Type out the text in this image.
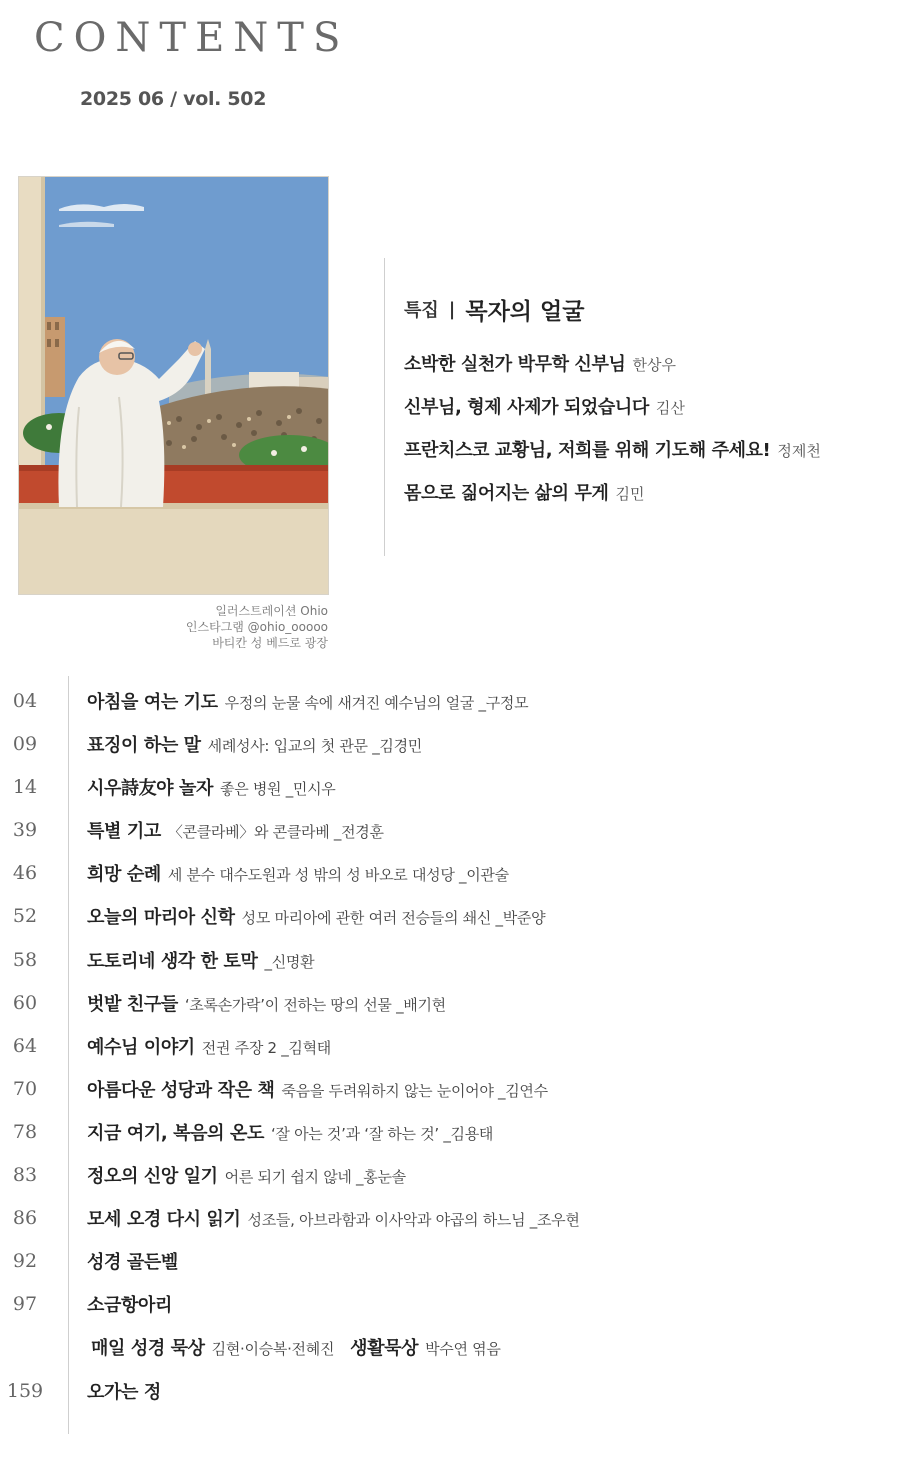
CONTENTS
2025 06 / vol. 502
일러스트레이션 Ohio
인스타그램 @ohio_ooooo
바티칸 성 베드로 광장
특집 | 목자의 얼굴
소박한 실천가 박무학 신부님 한상우
신부님, 형제 사제가 되었습니다 김산
프란치스코 교황님, 저희를 위해 기도해 주세요! 정제천
몸으로 짊어지는 삶의 무게 김민
04	아침을 여는 기도 우정의 눈물 속에 새겨진 예수님의 얼굴 _구정모
09	표징이 하는 말 세례성사: 입교의 첫 관문 _김경민
14	시우詩友야 놀자 좋은 병원 _민시우
39	특별 기고 〈콘클라베〉와 콘클라베 _전경훈
46	희망 순례 세 분수 대수도원과 성 밖의 성 바오로 대성당 _이관술
52	오늘의 마리아 신학 성모 마리아에 관한 여러 전승들의 쇄신 _박준양
58	도토리네 생각 한 토막 _신명환
60	벗밭 친구들 ‘초록손가락’이 전하는 땅의 선물 _배기현
64	예수님 이야기 전권 주장 2 _김혁태
70	아름다운 성당과 작은 책 죽음을 두려워하지 않는 눈이어야 _김연수
78	지금 여기, 복음의 온도 ‘잘 아는 것’과 ‘잘 하는 것’ _김용태
83	정오의 신앙 일기 어른 되기 쉽지 않네 _홍눈솔
86	모세 오경 다시 읽기 성조들, 아브라함과 이사악과 야곱의 하느님 _조우현
92	성경 골든벨
97	소금항아리
매일 성경 묵상 김현·이승복·전혜진 생활묵상 박수연 엮음
159	오가는 정
